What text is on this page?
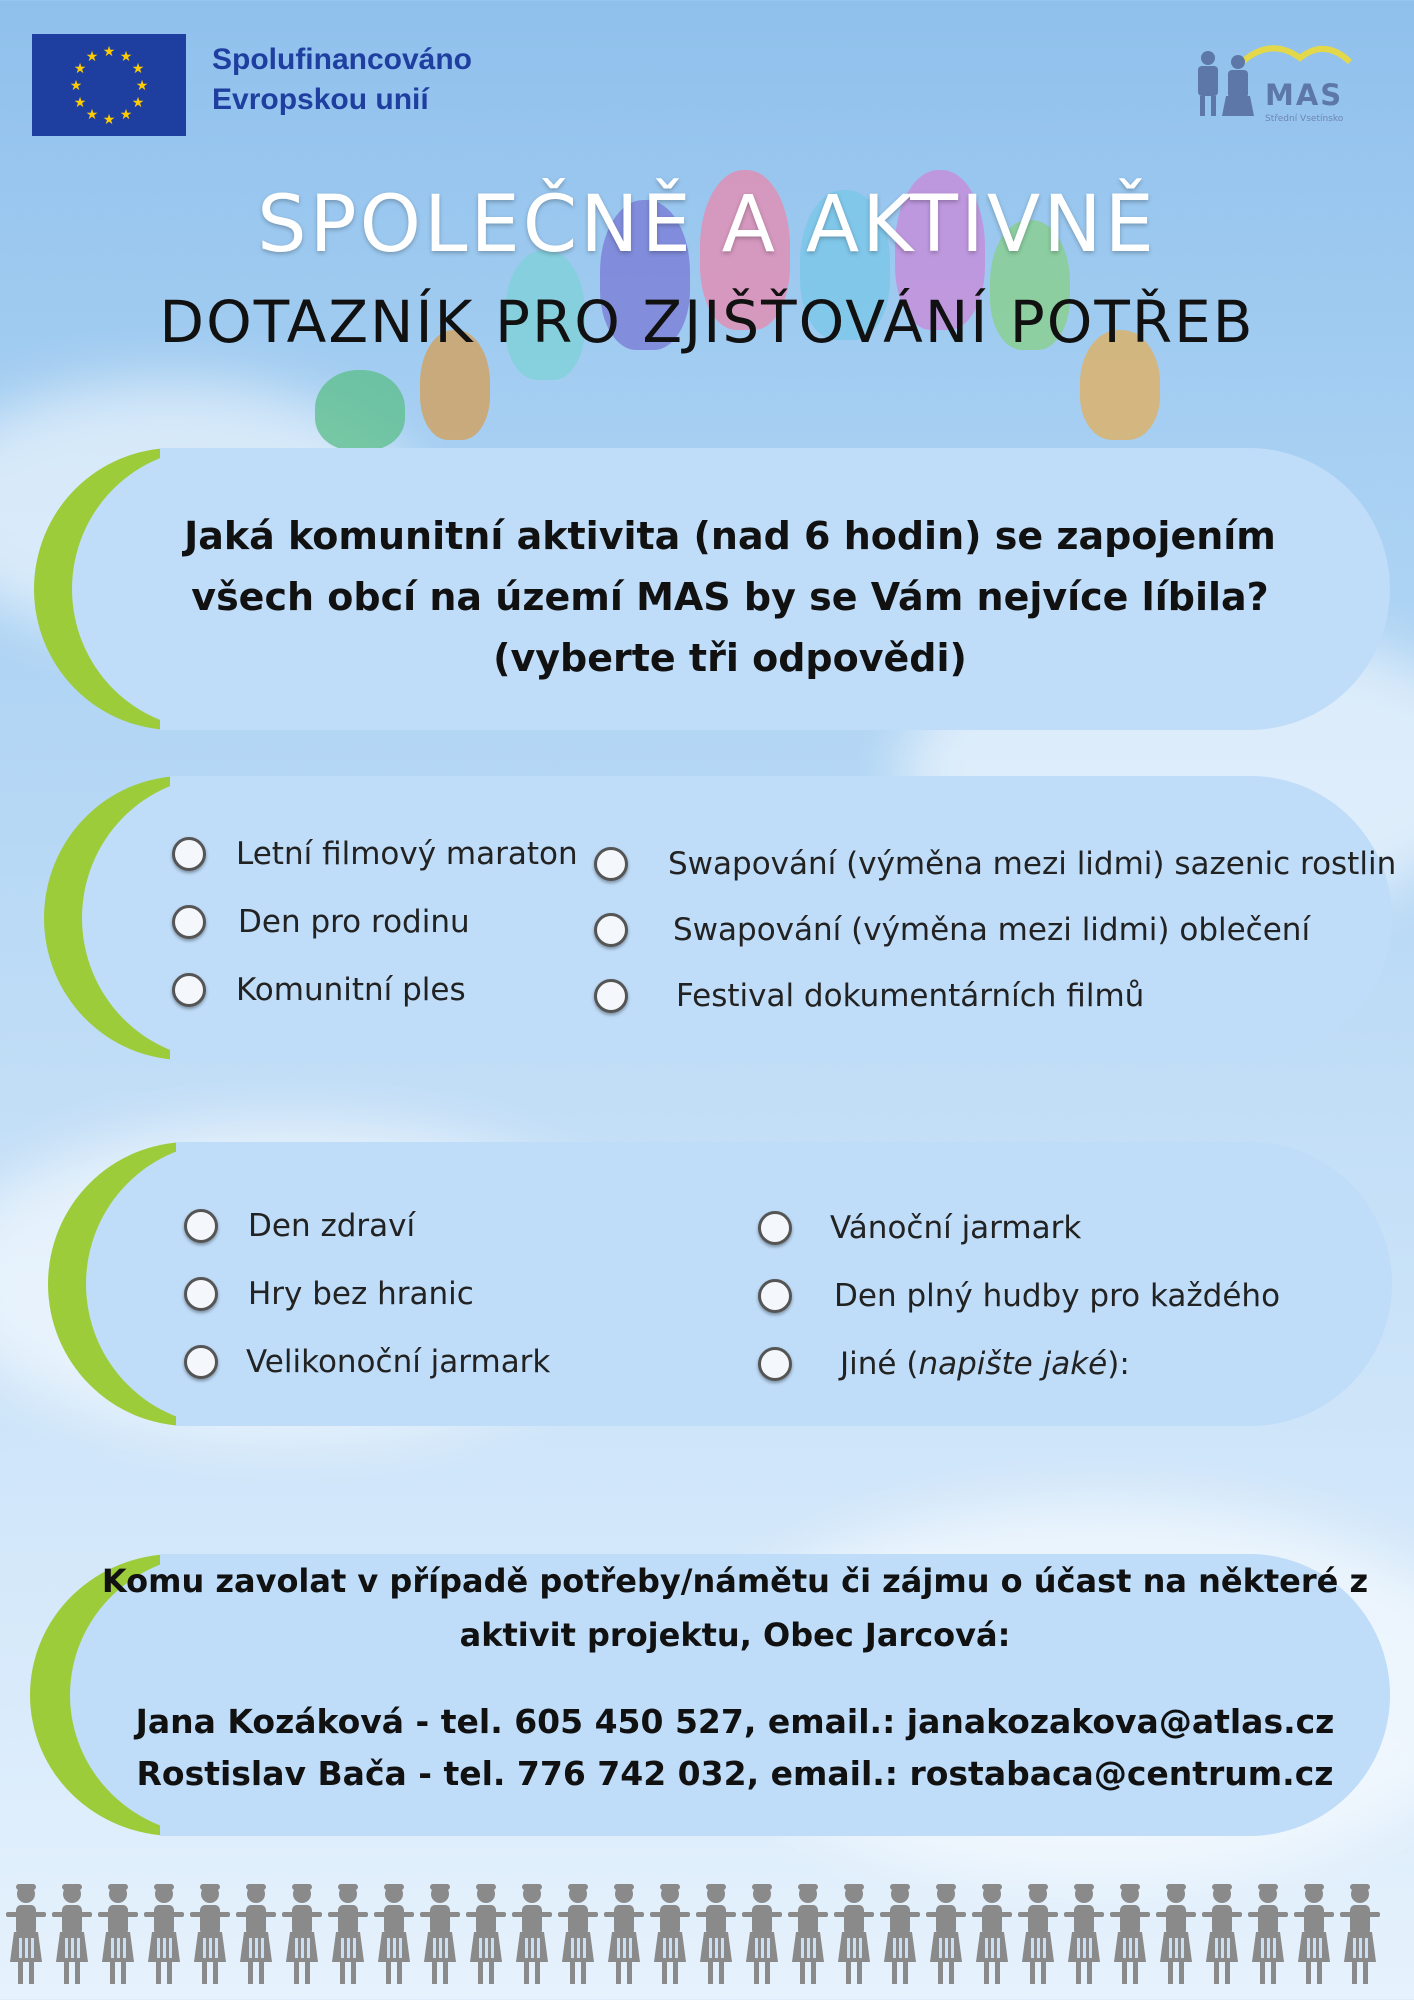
★ ★
★
★
★
★
★
★
★
★
★
★	Spolufinancováno
Evropskou unií	MAS
Střední Vsetínsko
SPOLEČNĚ A AKTIVNĚ
DOTAZNÍK PRO ZJIŠŤOVÁNÍ POTŘEB
Jaká komunitní aktivita (nad 6 hodin) se zapojením
všech obcí na území MAS by se Vám nejvíce líbila?
(vyberte tři odpovědi)
Letní filmový maraton
Den pro rodinu
Komunitní ples
Swapování (výměna mezi lidmi) sazenic rostlin
Swapování (výměna mezi lidmi) oblečení
Festival dokumentárních filmů
Den zdraví
Hry bez hranic
Velikonoční jarmark
Vánoční jarmark
Den plný hudby pro každého
Jiné (napište jaké):
Komu zavolat v případě potřeby/námětu či zájmu o účast na některé z
aktivit projektu, Obec Jarcová:
Jana Kozáková - tel. 605 450 527, email.: janakozakova@atlas.cz
Rostislav Bača - tel. 776 742 032, email.: rostabaca@centrum.cz
